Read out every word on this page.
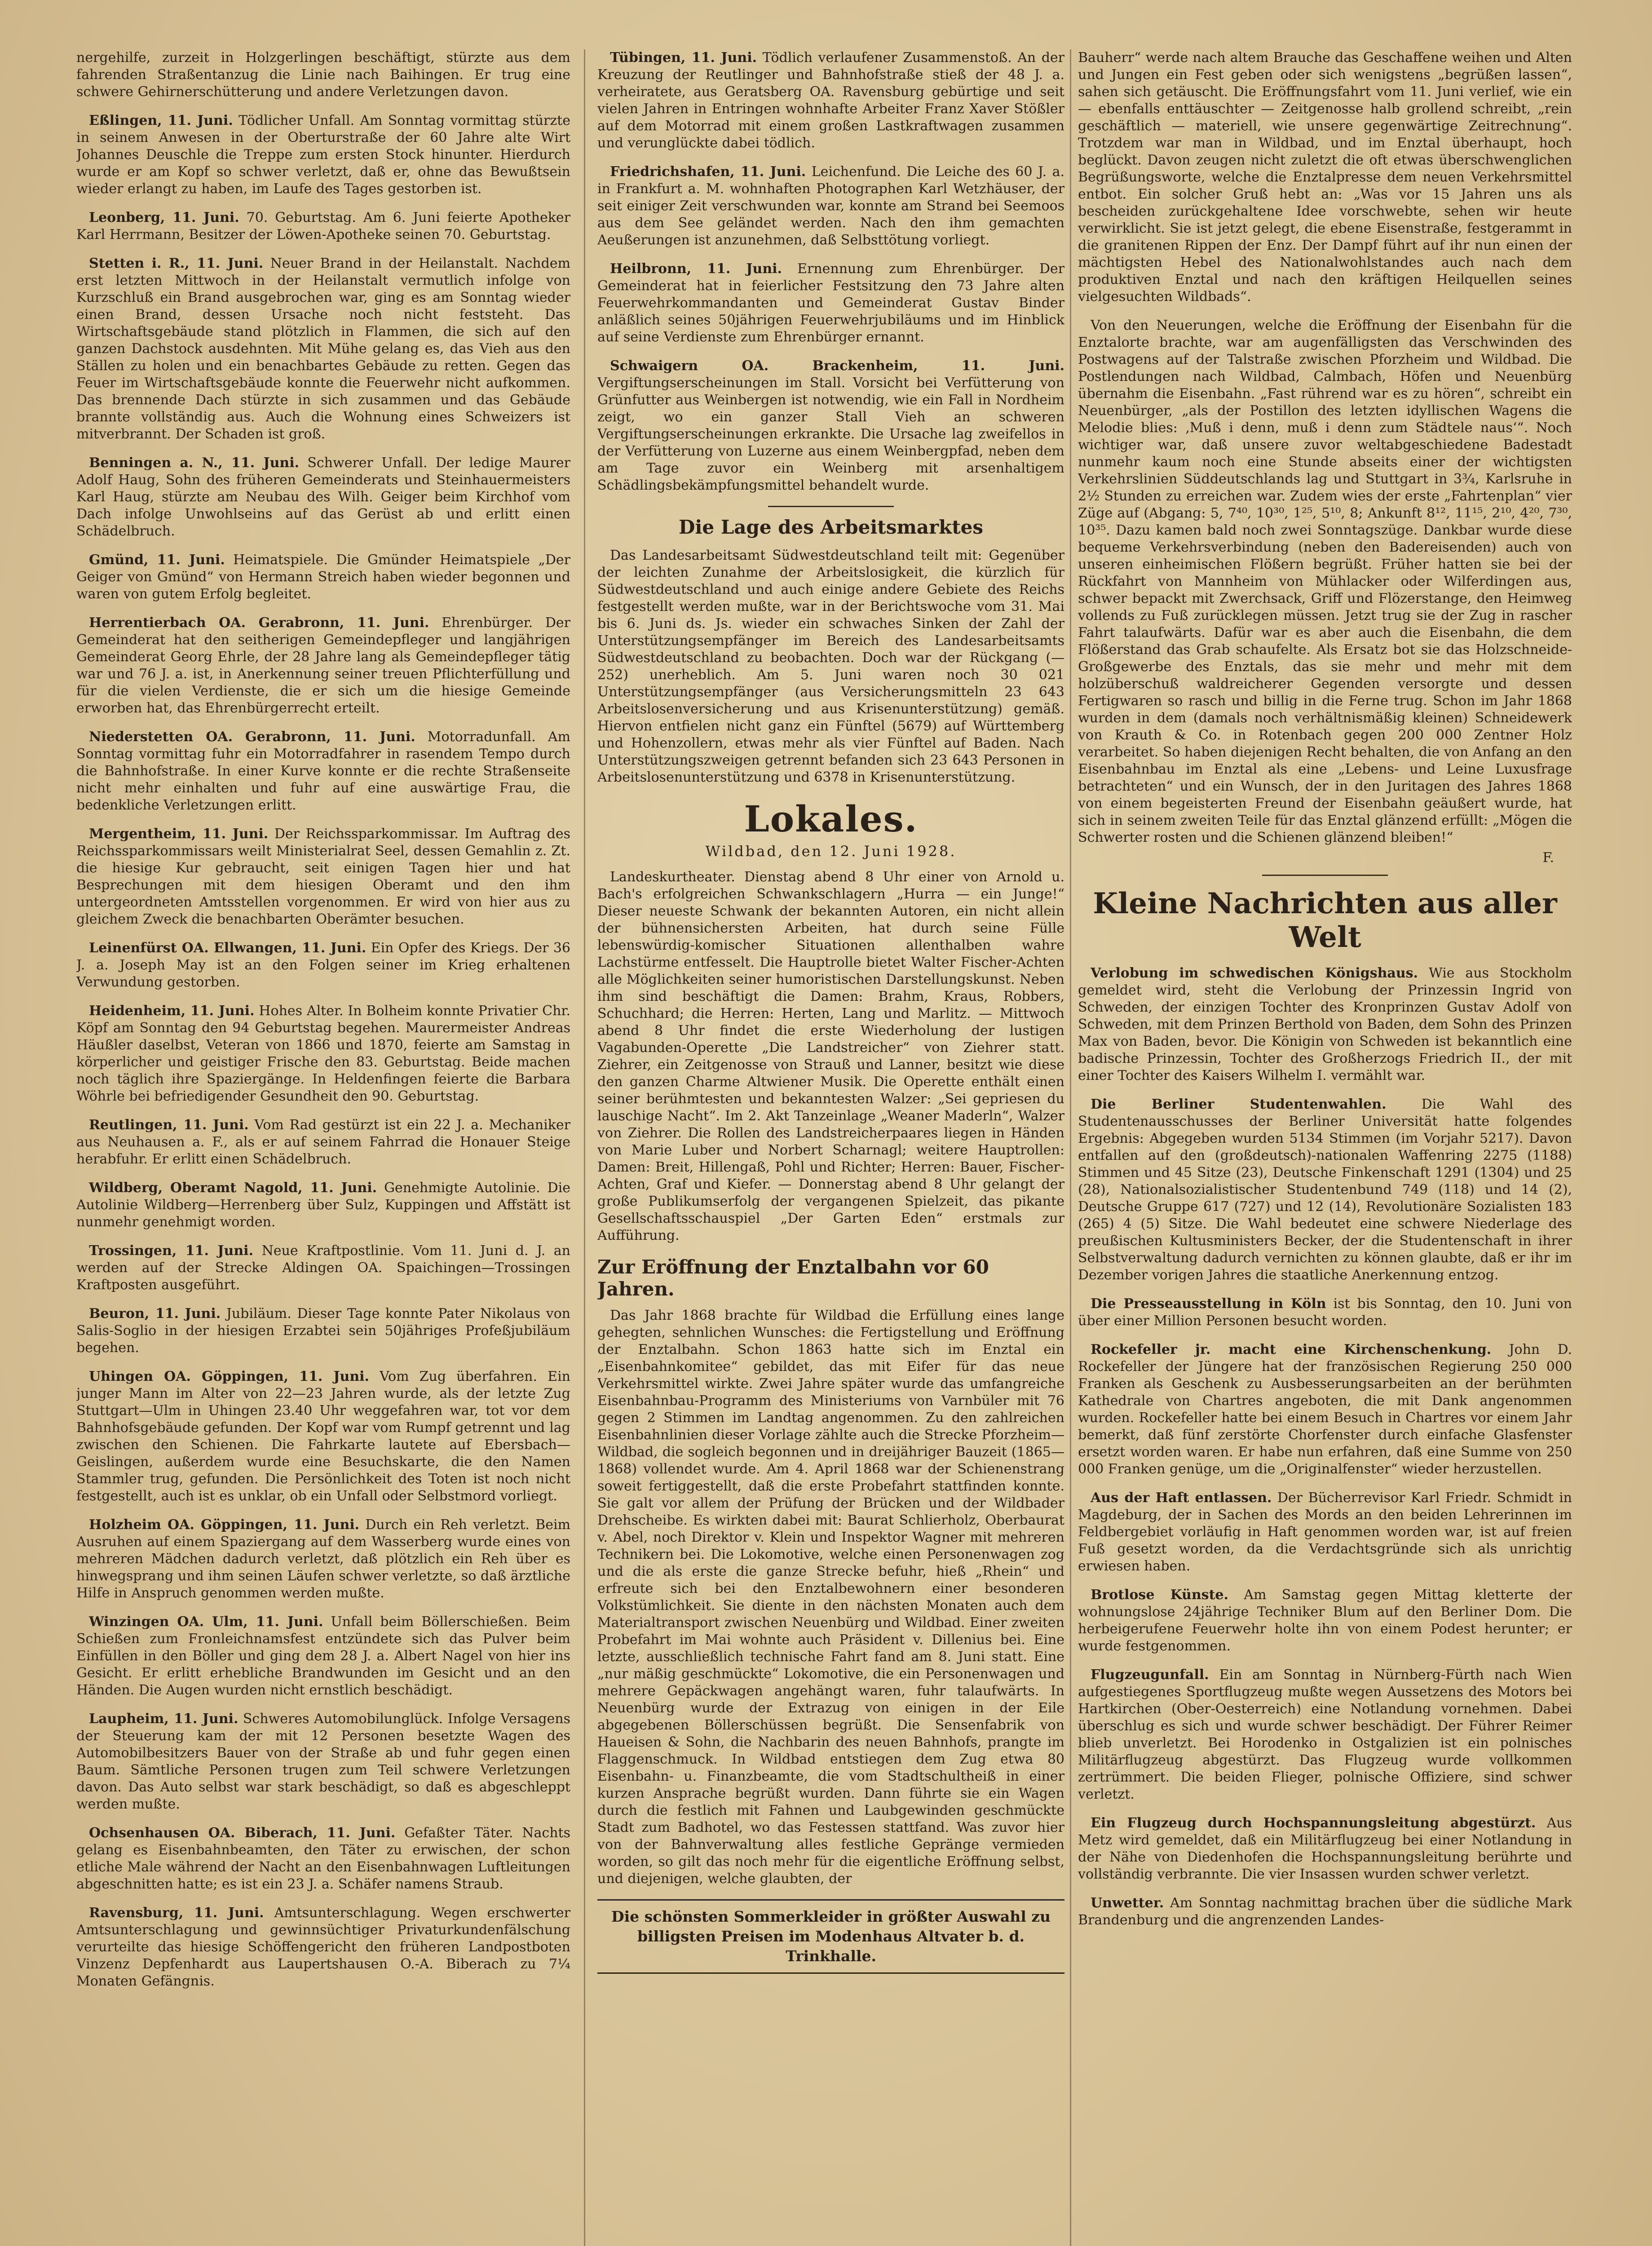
nergehilfe, zurzeit in Holzgerlingen beschäftigt, stürzte aus dem fahrenden Straßentanzug die Linie nach Baihingen. Er trug eine schwere Gehirnerschütterung und andere Verletzungen davon.

Eßlingen, 11. Juni. Tödlicher Unfall. Am Sonntag vormittag stürzte in seinem Anwesen in der Oberturstraße der 60 Jahre alte Wirt Johannes Deuschle die Treppe zum ersten Stock hinunter. Hierdurch wurde er am Kopf so schwer verletzt, daß er, ohne das Bewußtsein wieder erlangt zu haben, im Laufe des Tages gestorben ist.

Leonberg, 11. Juni. 70. Geburtstag. Am 6. Juni feierte Apotheker Karl Herrmann, Besitzer der Löwen-Apotheke seinen 70. Geburtstag.

Stetten i. R., 11. Juni. Neuer Brand in der Heilanstalt. Nachdem erst letzten Mittwoch in der Heilanstalt vermutlich infolge von Kurzschluß ein Brand ausgebrochen war, ging es am Sonntag wieder einen Brand, dessen Ursache noch nicht feststeht. Das Wirtschaftsgebäude stand plötzlich in Flammen, die sich auf den ganzen Dachstock ausdehnten. Mit Mühe gelang es, das Vieh aus den Ställen zu holen und ein benachbartes Gebäude zu retten. Gegen das Feuer im Wirtschaftsgebäude konnte die Feuerwehr nicht aufkommen. Das brennende Dach stürzte in sich zusammen und das Gebäude brannte vollständig aus. Auch die Wohnung eines Schweizers ist mitverbrannt. Der Schaden ist groß.

Benningen a. N., 11. Juni. Schwerer Unfall. Der ledige Maurer Adolf Haug, Sohn des früheren Gemeinderats und Steinhauermeisters Karl Haug, stürzte am Neubau des Wilh. Geiger beim Kirchhof vom Dach infolge Unwohlseins auf das Gerüst ab und erlitt einen Schädelbruch.

Gmünd, 11. Juni. Heimatspiele. Die Gmünder Heimatspiele „Der Geiger von Gmünd“ von Hermann Streich haben wieder begonnen und waren von gutem Erfolg begleitet.

Herrentierbach OA. Gerabronn, 11. Juni. Ehrenbürger. Der Gemeinderat hat den seitherigen Gemeindepfleger und langjährigen Gemeinderat Georg Ehrle, der 28 Jahre lang als Gemeindepfleger tätig war und 76 J. a. ist, in Anerkennung seiner treuen Pflichterfüllung und für die vielen Verdienste, die er sich um die hiesige Gemeinde erworben hat, das Ehrenbürgerrecht erteilt.

Niederstetten OA. Gerabronn, 11. Juni. Motorradunfall. Am Sonntag vormittag fuhr ein Motorradfahrer in rasendem Tempo durch die Bahnhofstraße. In einer Kurve konnte er die rechte Straßenseite nicht mehr einhalten und fuhr auf eine auswärtige Frau, die bedenkliche Verletzungen erlitt.

Mergentheim, 11. Juni. Der Reichssparkommissar. Im Auftrag des Reichssparkommissars weilt Ministerialrat Seel, dessen Gemahlin z. Zt. die hiesige Kur gebraucht, seit einigen Tagen hier und hat Besprechungen mit dem hiesigen Oberamt und den ihm untergeordneten Amtsstellen vorgenommen. Er wird von hier aus zu gleichem Zweck die benachbarten Oberämter besuchen.

Leinenfürst OA. Ellwangen, 11. Juni. Ein Opfer des Kriegs. Der 36 J. a. Joseph May ist an den Folgen seiner im Krieg erhaltenen Verwundung gestorben.

Heidenheim, 11. Juni. Hohes Alter. In Bolheim konnte Privatier Chr. Köpf am Sonntag den 94 Geburtstag begehen. Maurermeister Andreas Häußler daselbst, Veteran von 1866 und 1870, feierte am Samstag in körperlicher und geistiger Frische den 83. Geburtstag. Beide machen noch täglich ihre Spaziergänge. In Heldenfingen feierte die Barbara Wöhrle bei befriedigender Gesundheit den 90. Geburtstag.

Reutlingen, 11. Juni. Vom Rad gestürzt ist ein 22 J. a. Mechaniker aus Neuhausen a. F., als er auf seinem Fahrrad die Honauer Steige herabfuhr. Er erlitt einen Schädelbruch.

Wildberg, Oberamt Nagold, 11. Juni. Genehmigte Autolinie. Die Autolinie Wildberg—Herrenberg über Sulz, Kuppingen und Affstätt ist nunmehr genehmigt worden.

Trossingen, 11. Juni. Neue Kraftpostlinie. Vom 11. Juni d. J. an werden auf der Strecke Aldingen OA. Spaichingen—Trossingen Kraftposten ausgeführt.

Beuron, 11. Juni. Jubiläum. Dieser Tage konnte Pater Nikolaus von Salis-Soglio in der hiesigen Erzabtei sein 50jähriges Profeßjubiläum begehen.

Uhingen OA. Göppingen, 11. Juni. Vom Zug überfahren. Ein junger Mann im Alter von 22—23 Jahren wurde, als der letzte Zug Stuttgart—Ulm in Uhingen 23.40 Uhr weggefahren war, tot vor dem Bahnhofsgebäude gefunden. Der Kopf war vom Rumpf getrennt und lag zwischen den Schienen. Die Fahrkarte lautete auf Ebersbach—Geislingen, außerdem wurde eine Besuchskarte, die den Namen Stammler trug, gefunden. Die Persönlichkeit des Toten ist noch nicht festgestellt, auch ist es unklar, ob ein Unfall oder Selbstmord vorliegt.

Holzheim OA. Göppingen, 11. Juni. Durch ein Reh verletzt. Beim Ausruhen auf einem Spaziergang auf dem Wasserberg wurde eines von mehreren Mädchen dadurch verletzt, daß plötzlich ein Reh über es hinwegsprang und ihm seinen Läufen schwer verletzte, so daß ärztliche Hilfe in Anspruch genommen werden mußte.

Winzingen OA. Ulm, 11. Juni. Unfall beim Böllerschießen. Beim Schießen zum Fronleichnamsfest entzündete sich das Pulver beim Einfüllen in den Böller und ging dem 28 J. a. Albert Nagel von hier ins Gesicht. Er erlitt erhebliche Brandwunden im Gesicht und an den Händen. Die Augen wurden nicht ernstlich beschädigt.

Laupheim, 11. Juni. Schweres Automobilunglück. Infolge Versagens der Steuerung kam der mit 12 Personen besetzte Wagen des Automobilbesitzers Bauer von der Straße ab und fuhr gegen einen Baum. Sämtliche Personen trugen zum Teil schwere Verletzungen davon. Das Auto selbst war stark beschädigt, so daß es abgeschleppt werden mußte.

Ochsenhausen OA. Biberach, 11. Juni. Gefaßter Täter. Nachts gelang es Eisenbahnbeamten, den Täter zu erwischen, der schon etliche Male während der Nacht an den Eisenbahnwagen Luftleitungen abgeschnitten hatte; es ist ein 23 J. a. Schäfer namens Straub.

Ravensburg, 11. Juni. Amtsunterschlagung. Wegen erschwerter Amtsunterschlagung und gewinnsüchtiger Privaturkundenfälschung verurteilte das hiesige Schöffengericht den früheren Landpostboten Vinzenz Depfenhardt aus Laupertshausen O.-A. Biberach zu 7¼ Monaten Gefängnis.

Tübingen, 11. Juni. Tödlich verlaufener Zusammenstoß. An der Kreuzung der Reutlinger und Bahnhofstraße stieß der 48 J. a. verheiratete, aus Geratsberg OA. Ravensburg gebürtige und seit vielen Jahren in Entringen wohnhafte Arbeiter Franz Xaver Stößler auf dem Motorrad mit einem großen Lastkraftwagen zusammen und verunglückte dabei tödlich.

Friedrichshafen, 11. Juni. Leichenfund. Die Leiche des 60 J. a. in Frankfurt a. M. wohnhaften Photographen Karl Wetzhäuser, der seit einiger Zeit verschwunden war, konnte am Strand bei Seemoos aus dem See geländet werden. Nach den ihm gemachten Aeußerungen ist anzunehmen, daß Selbsttötung vorliegt.

Heilbronn, 11. Juni. Ernennung zum Ehrenbürger. Der Gemeinderat hat in feierlicher Festsitzung den 73 Jahre alten Feuerwehrkommandanten und Gemeinderat Gustav Binder anläßlich seines 50jährigen Feuerwehrjubiläums und im Hinblick auf seine Verdienste zum Ehrenbürger ernannt.

Schwaigern OA. Brackenheim, 11. Juni. Vergiftungserscheinungen im Stall. Vorsicht bei Verfütterung von Grünfutter aus Weinbergen ist notwendig, wie ein Fall in Nordheim zeigt, wo ein ganzer Stall Vieh an schweren Vergiftungserscheinungen erkrankte. Die Ursache lag zweifellos in der Verfütterung von Luzerne aus einem Weinbergpfad, neben dem am Tage zuvor ein Weinberg mit arsenhaltigem Schädlingsbekämpfungsmittel behandelt wurde.

Die Lage des Arbeitsmarktes

Das Landesarbeitsamt Südwestdeutschland teilt mit: Gegenüber der leichten Zunahme der Arbeitslosigkeit, die kürzlich für Südwestdeutschland und auch einige andere Gebiete des Reichs festgestellt werden mußte, war in der Berichtswoche vom 31. Mai bis 6. Juni ds. Js. wieder ein schwaches Sinken der Zahl der Unterstützungsempfänger im Bereich des Landesarbeitsamts Südwestdeutschland zu beobachten. Doch war der Rückgang (—252) unerheblich. Am 5. Juni waren noch 30 021 Unterstützungsempfänger (aus Versicherungsmitteln 23 643 Arbeitslosenversicherung und aus Krisenunterstützung) gemäß. Hiervon entfielen nicht ganz ein Fünftel (5679) auf Württemberg und Hohenzollern, etwas mehr als vier Fünftel auf Baden. Nach Unterstützungszweigen getrennt befanden sich 23 643 Personen in Arbeitslosenunterstützung und 6378 in Krisenunterstützung.

Lokales.
Wildbad, den 12. Juni 1928.

Landeskurtheater. Dienstag abend 8 Uhr einer von Arnold u. Bach's erfolgreichen Schwankschlagern „Hurra — ein Junge!“ Dieser neueste Schwank der bekannten Autoren, ein nicht allein der bühnensichersten Arbeiten, hat durch seine Fülle lebenswürdig-komischer Situationen allenthalben wahre Lachstürme entfesselt. Die Hauptrolle bietet Walter Fischer-Achten alle Möglichkeiten seiner humoristischen Darstellungskunst. Neben ihm sind beschäftigt die Damen: Brahm, Kraus, Robbers, Schuchhard; die Herren: Herten, Lang und Marlitz. — Mittwoch abend 8 Uhr findet die erste Wiederholung der lustigen Vagabunden-Operette „Die Landstreicher“ von Ziehrer statt. Ziehrer, ein Zeitgenosse von Strauß und Lanner, besitzt wie diese den ganzen Charme Altwiener Musik. Die Operette enthält einen seiner berühmtesten und bekanntesten Walzer: „Sei gepriesen du lauschige Nacht“. Im 2. Akt Tanzeinlage „Weaner Maderln“, Walzer von Ziehrer. Die Rollen des Landstreicherpaares liegen in Händen von Marie Luber und Norbert Scharnagl; weitere Hauptrollen: Damen: Breit, Hillengaß, Pohl und Richter; Herren: Bauer, Fischer-Achten, Graf und Kiefer. — Donnerstag abend 8 Uhr gelangt der große Publikumserfolg der vergangenen Spielzeit, das pikante Gesellschaftsschauspiel „Der Garten Eden“ erstmals zur Aufführung.

Zur Eröffnung der Enztalbahn vor 60 Jahren.

Das Jahr 1868 brachte für Wildbad die Erfüllung eines lange gehegten, sehnlichen Wunsches: die Fertigstellung und Eröffnung der Enztalbahn. Schon 1863 hatte sich im Enztal ein „Eisenbahnkomitee“ gebildet, das mit Eifer für das neue Verkehrsmittel wirkte. Zwei Jahre später wurde das umfangreiche Eisenbahnbau-Programm des Ministeriums von Varnbüler mit 76 gegen 2 Stimmen im Landtag angenommen. Zu den zahlreichen Eisenbahnlinien dieser Vorlage zählte auch die Strecke Pforzheim—Wildbad, die sogleich begonnen und in dreijähriger Bauzeit (1865—1868) vollendet wurde. Am 4. April 1868 war der Schienenstrang soweit fertiggestellt, daß die erste Probefahrt stattfinden konnte. Sie galt vor allem der Prüfung der Brücken und der Wildbader Drehscheibe. Es wirkten dabei mit: Baurat Schlierholz, Oberbaurat v. Abel, noch Direktor v. Klein und Inspektor Wagner mit mehreren Technikern bei. Die Lokomotive, welche einen Personenwagen zog und die als erste die ganze Strecke befuhr, hieß „Rhein“ und erfreute sich bei den Enztalbewohnern einer besonderen Volkstümlichkeit. Sie diente in den nächsten Monaten auch dem Materialtransport zwischen Neuenbürg und Wildbad. Einer zweiten Probefahrt im Mai wohnte auch Präsident v. Dillenius bei. Eine letzte, ausschließlich technische Fahrt fand am 8. Juni statt. Eine „nur mäßig geschmückte“ Lokomotive, die ein Personenwagen und mehrere Gepäckwagen angehängt waren, fuhr talaufwärts. In Neuenbürg wurde der Extrazug von einigen in der Eile abgegebenen Böllerschüssen begrüßt. Die Sensenfabrik von Haueisen & Sohn, die Nachbarin des neuen Bahnhofs, prangte im Flaggenschmuck. In Wildbad entstiegen dem Zug etwa 80 Eisenbahn- u. Finanzbeamte, die vom Stadtschultheiß in einer kurzen Ansprache begrüßt wurden. Dann führte sie ein Wagen durch die festlich mit Fahnen und Laubgewinden geschmückte Stadt zum Badhotel, wo das Festessen stattfand. Was zuvor hier von der Bahnverwaltung alles festliche Gepränge vermieden worden, so gilt das noch mehr für die eigentliche Eröffnung selbst, und diejenigen, welche glaubten, der

Die schönsten Sommerkleider in größter Auswahl zu billigsten Preisen im Modenhaus Altvater b. d. Trinkhalle.

Bauherr“ werde nach altem Brauche das Geschaffene weihen und Alten und Jungen ein Fest geben oder sich wenigstens „begrüßen lassen“, sahen sich getäuscht. Die Eröffnungsfahrt vom 11. Juni verlief, wie ein — ebenfalls enttäuschter — Zeitgenosse halb grollend schreibt, „rein geschäftlich — materiell, wie unsere gegenwärtige Zeitrechnung“. Trotzdem war man in Wildbad, und im Enztal überhaupt, hoch beglückt. Davon zeugen nicht zuletzt die oft etwas überschwenglichen Begrüßungsworte, welche die Enztalpresse dem neuen Verkehrsmittel entbot. Ein solcher Gruß hebt an: „Was vor 15 Jahren uns als bescheiden zurückgehaltene Idee vorschwebte, sehen wir heute verwirklicht. Sie ist jetzt gelegt, die ebene Eisenstraße, festgerammt in die granitenen Rippen der Enz. Der Dampf führt auf ihr nun einen der mächtigsten Hebel des Nationalwohlstandes auch nach dem produktiven Enztal und nach den kräftigen Heilquellen seines vielgesuchten Wildbads“.

Von den Neuerungen, welche die Eröffnung der Eisenbahn für die Enztalorte brachte, war am augenfälligsten das Verschwinden des Postwagens auf der Talstraße zwischen Pforzheim und Wildbad. Die Postlendungen nach Wildbad, Calmbach, Höfen und Neuenbürg übernahm die Eisenbahn. „Fast rührend war es zu hören“, schreibt ein Neuenbürger, „als der Postillon des letzten idyllischen Wagens die Melodie blies: ‚Muß i denn, muß i denn zum Städtele naus‘“. Noch wichtiger war, daß unsere zuvor weltabgeschiedene Badestadt nunmehr kaum noch eine Stunde abseits einer der wichtigsten Verkehrslinien Süddeutschlands lag und Stuttgart in 3¾, Karlsruhe in 2½ Stunden zu erreichen war. Zudem wies der erste „Fahrtenplan“ vier Züge auf (Abgang: 5, 7⁴⁰, 10³⁰, 1²⁵, 5¹⁰, 8; Ankunft 8¹², 11¹⁵, 2¹⁰, 4²⁰, 7³⁰, 10³⁵. Dazu kamen bald noch zwei Sonntagszüge. Dankbar wurde diese bequeme Verkehrsverbindung (neben den Badereisenden) auch von unseren einheimischen Flößern begrüßt. Früher hatten sie bei der Rückfahrt von Mannheim von Mühlacker oder Wilferdingen aus, schwer bepackt mit Zwerchsack, Griff und Flözerstange, den Heimweg vollends zu Fuß zurücklegen müssen. Jetzt trug sie der Zug in rascher Fahrt talaufwärts. Dafür war es aber auch die Eisenbahn, die dem Flößerstand das Grab schaufelte. Als Ersatz bot sie das Holzschneide-Großgewerbe des Enztals, das sie mehr und mehr mit dem holzüberschuß waldreicherer Gegenden versorgte und dessen Fertigwaren so rasch und billig in die Ferne trug. Schon im Jahr 1868 wurden in dem (damals noch verhältnismäßig kleinen) Schneidewerk von Krauth & Co. in Rotenbach gegen 200 000 Zentner Holz verarbeitet. So haben diejenigen Recht behalten, die von Anfang an den Eisenbahnbau im Enztal als eine „Lebens- und Leine Luxusfrage betrachteten“ und ein Wunsch, der in den Juritagen des Jahres 1868 von einem begeisterten Freund der Eisenbahn geäußert wurde, hat sich in seinem zweiten Teile für das Enztal glänzend erfüllt: „Mögen die Schwerter rosten und die Schienen glänzend bleiben!“

F.
Kleine Nachrichten aus aller Welt

Verlobung im schwedischen Königshaus. Wie aus Stockholm gemeldet wird, steht die Verlobung der Prinzessin Ingrid von Schweden, der einzigen Tochter des Kronprinzen Gustav Adolf von Schweden, mit dem Prinzen Berthold von Baden, dem Sohn des Prinzen Max von Baden, bevor. Die Königin von Schweden ist bekanntlich eine badische Prinzessin, Tochter des Großherzogs Friedrich II., der mit einer Tochter des Kaisers Wilhelm I. vermählt war.

Die Berliner Studentenwahlen.	Die Wahl des Studentenausschusses der Berliner Universität hatte folgendes Ergebnis: Abgegeben wurden 5134 Stimmen (im Vorjahr 5217). Davon entfallen auf den (großdeutsch)-nationalen Waffenring 2275 (1188) Stimmen und 45 Sitze (23), Deutsche Finkenschaft 1291 (1304) und 25 (28), Nationalsozialistischer Studentenbund 749 (118) und 14 (2), Deutsche Gruppe 617 (727) und 12 (14), Revolutionäre Sozialisten 183 (265) 4 (5) Sitze. Die Wahl bedeutet eine schwere Niederlage des preußischen Kultusministers Becker, der die Studentenschaft in ihrer Selbstverwaltung dadurch vernichten zu können glaubte, daß er ihr im Dezember vorigen Jahres die staatliche Anerkennung entzog.

Die Presseausstellung in Köln ist bis Sonntag, den 10. Juni von über einer Million Personen besucht worden.

Rockefeller jr. macht eine Kirchenschenkung. John D. Rockefeller der Jüngere hat der französischen Regierung 250 000 Franken als Geschenk zu Ausbesserungsarbeiten an der berühmten Kathedrale von Chartres angeboten, die mit Dank angenommen wurden. Rockefeller hatte bei einem Besuch in Chartres vor einem Jahr bemerkt, daß fünf zerstörte Chorfenster durch einfache Glasfenster ersetzt worden waren. Er habe nun erfahren, daß eine Summe von 250 000 Franken genüge, um die „Originalfenster“ wieder herzustellen.

Aus der Haft entlassen. Der Bücherrevisor Karl Friedr. Schmidt in Magdeburg, der in Sachen des Mords an den beiden Lehrerinnen im Feldbergebiet vorläufig in Haft genommen worden war, ist auf freien Fuß gesetzt worden, da die Verdachtsgründe sich als unrichtig erwiesen haben.

Brotlose Künste. Am Samstag gegen Mittag kletterte der wohnungslose 24jährige Techniker Blum auf den Berliner Dom. Die herbeigerufene Feuerwehr holte ihn von einem Podest herunter; er wurde festgenommen.

Flugzeugunfall. Ein am Sonntag in Nürnberg-Fürth nach Wien aufgestiegenes Sportflugzeug mußte wegen Aussetzens des Motors bei Hartkirchen (Ober-Oesterreich) eine Notlandung vornehmen. Dabei überschlug es sich und wurde schwer beschädigt. Der Führer Reimer blieb unverletzt. Bei Horodenko in Ostgalizien ist ein polnisches Militärflugzeug abgestürzt. Das Flugzeug wurde vollkommen zertrümmert. Die beiden Flieger, polnische Offiziere, sind schwer verletzt.

Ein Flugzeug durch Hochspannungsleitung abgestürzt. Aus Metz wird gemeldet, daß ein Militärflugzeug bei einer Notlandung in der Nähe von Diedenhofen die Hochspannungsleitung berührte und vollständig verbrannte. Die vier Insassen wurden schwer verletzt.

Unwetter. Am Sonntag nachmittag brachen über die südliche Mark Brandenburg und die angrenzenden Landes-
